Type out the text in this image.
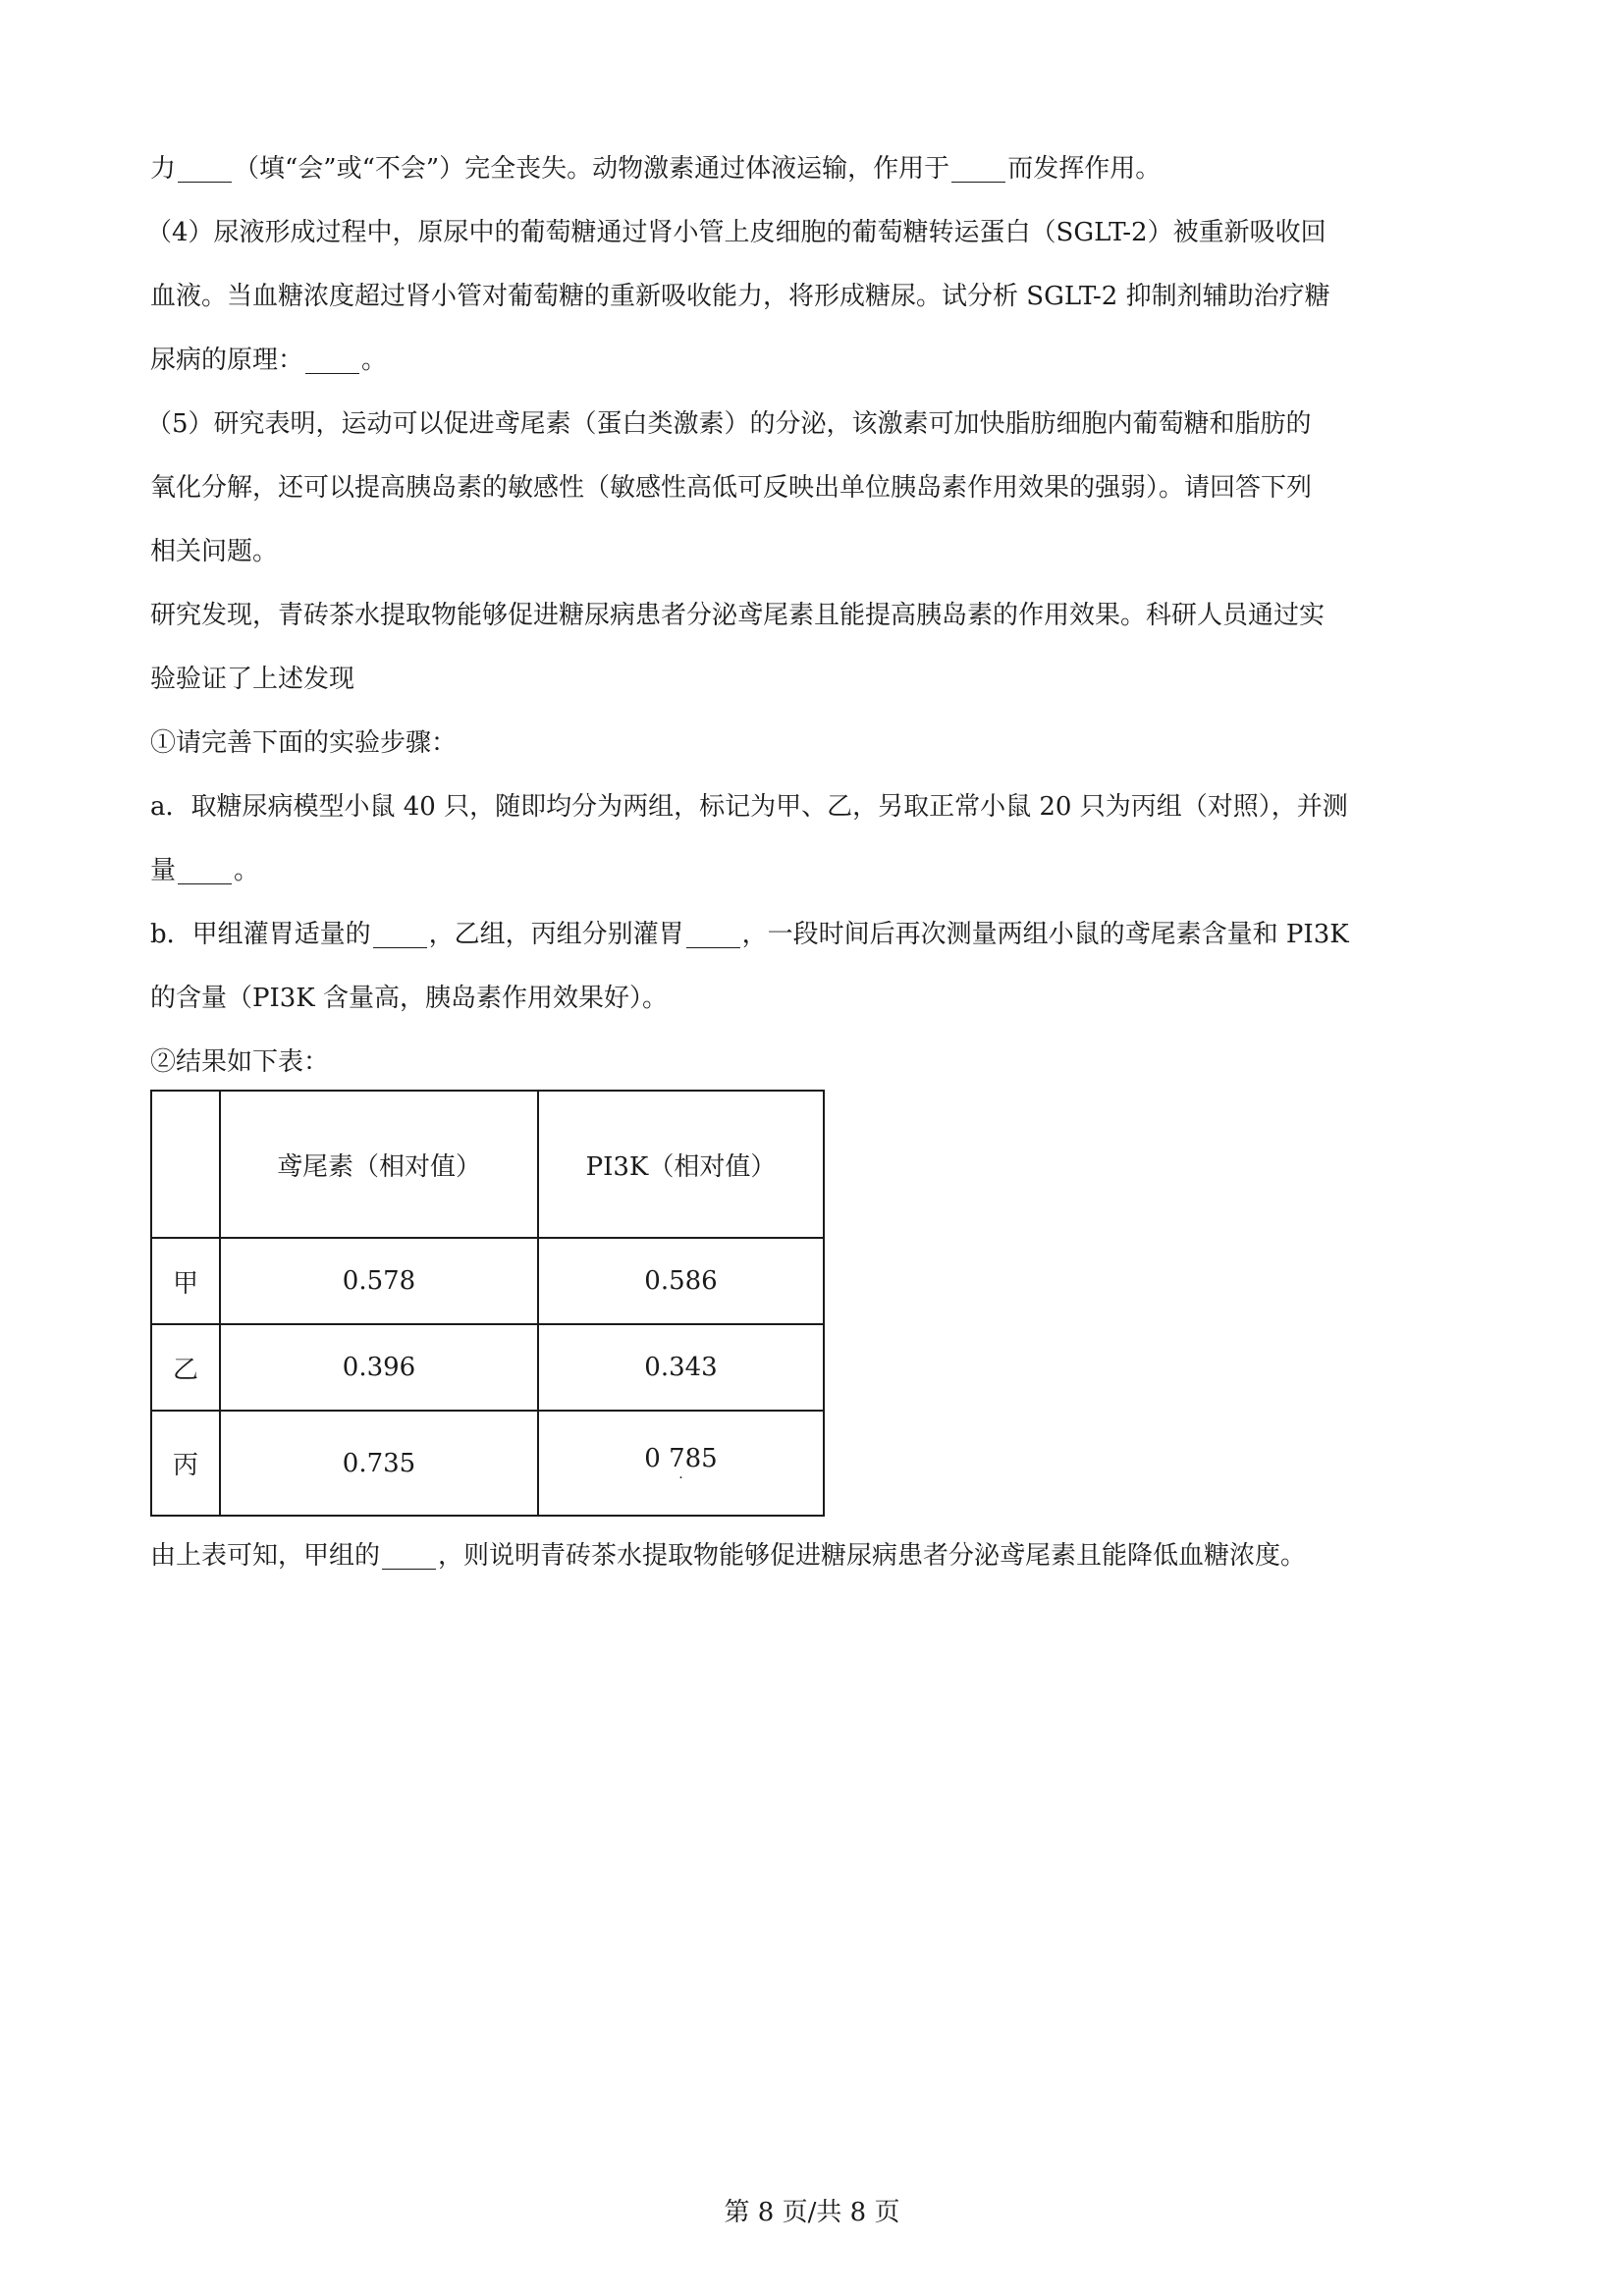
力 （填“会”或“不会”）完全丧失。动物激素通过体液运输，作用于 而发挥作用。

（4）尿液形成过程中，原尿中的葡萄糖通过肾小管上皮细胞的葡萄糖转运蛋白（SGLT-2）被重新吸收回

血液。当血糖浓度超过肾小管对葡萄糖的重新吸收能力，将形成糖尿。试分析 SGLT-2 抑制剂辅助治疗糖

尿病的原理： 。

（5）研究表明，运动可以促进鸢尾素（蛋白类激素）的分泌，该激素可加快脂肪细胞内葡萄糖和脂肪的

氧化分解，还可以提高胰岛素的敏感性（敏感性高低可反映出单位胰岛素作用效果的强弱）。请回答下列

相关问题。

研究发现，青砖茶水提取物能够促进糖尿病患者分泌鸢尾素且能提高胰岛素的作用效果。科研人员通过实

验验证了上述发现

①请完善下面的实验步骤：

a．取糖尿病模型小鼠 40 只，随即均分为两组，标记为甲、乙，另取正常小鼠 20 只为丙组（对照），并测

量 。

b．甲组灌胃适量的 ，乙组，丙组分别灌胃 ，一段时间后再次测量两组小鼠的鸢尾素含量和 PI3K

的含量（PI3K 含量高，胰岛素作用效果好）。

②结果如下表：

	鸢尾素（相对值）	PI3K（相对值）
甲	0.578	0.586
乙	0.396	0.343
丙	0.735	0 785
·

由上表可知，甲组的 ，则说明青砖茶水提取物能够促进糖尿病患者分泌鸢尾素且能降低血糖浓度。

第 8 页/共 8 页
